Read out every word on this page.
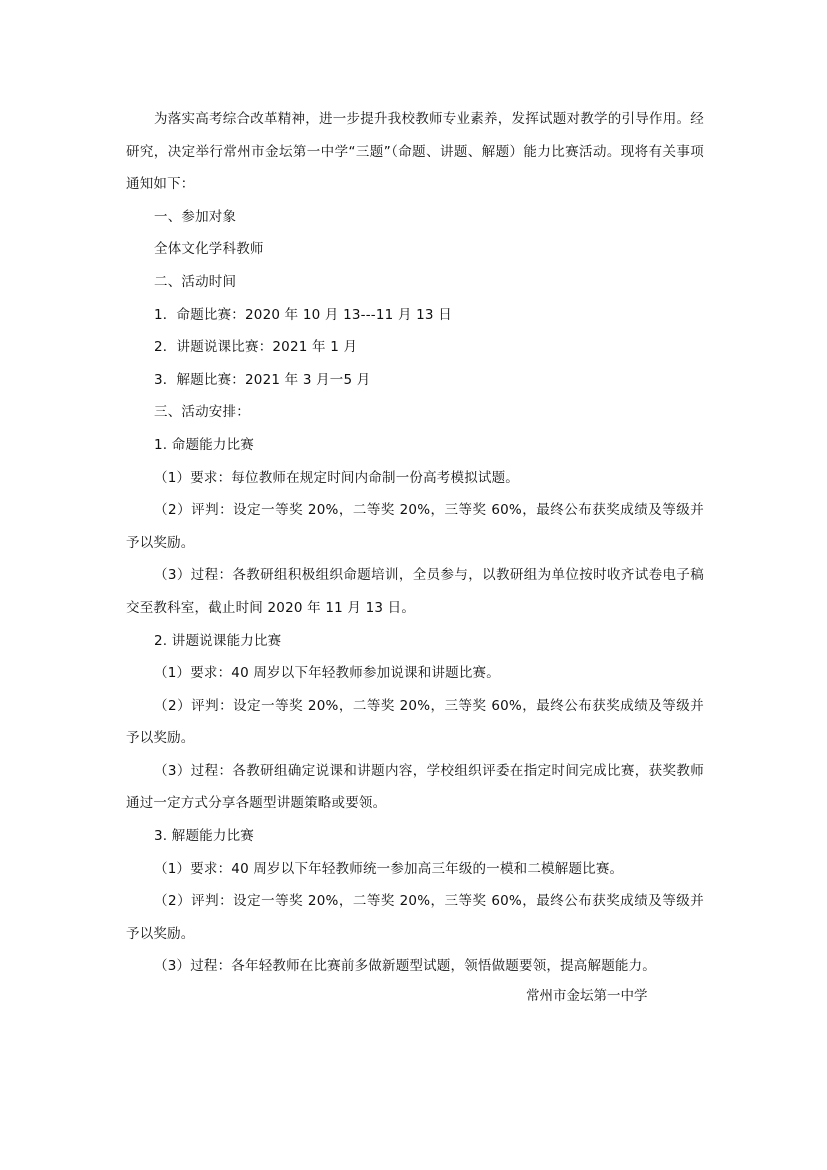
为落实高考综合改革精神，进一步提升我校教师专业素养，发挥试题对教学的引导作用。经研究，决定举行常州市金坛第一中学“三题”（命题、讲题、解题）能力比赛活动。现将有关事项通知如下：

一、参加对象

全体文化学科教师

二、活动时间

1．命题比赛：2020 年 10 月 13---11 月 13 日

2．讲题说课比赛：2021 年 1 月

3．解题比赛：2021 年 3 月一5 月

三、活动安排：

1. 命题能力比赛

（1）要求：每位教师在规定时间内命制一份高考模拟试题。

（2）评判：设定一等奖 20%，二等奖 20%，三等奖 60%，最终公布获奖成绩及等级并予以奖励。

（3）过程：各教研组积极组织命题培训，全员参与，以教研组为单位按时收齐试卷电子稿交至教科室，截止时间 2020 年 11 月 13 日。

2. 讲题说课能力比赛

（1）要求：40 周岁以下年轻教师参加说课和讲题比赛。

（2）评判：设定一等奖 20%，二等奖 20%，三等奖 60%，最终公布获奖成绩及等级并予以奖励。

（3）过程：各教研组确定说课和讲题内容，学校组织评委在指定时间完成比赛，获奖教师通过一定方式分享各题型讲题策略或要领。

3. 解题能力比赛

（1）要求：40 周岁以下年轻教师统一参加高三年级的一模和二模解题比赛。

（2）评判：设定一等奖 20%，二等奖 20%，三等奖 60%，最终公布获奖成绩及等级并予以奖励。

（3）过程：各年轻教师在比赛前多做新题型试题，领悟做题要领，提高解题能力。

常州市金坛第一中学
